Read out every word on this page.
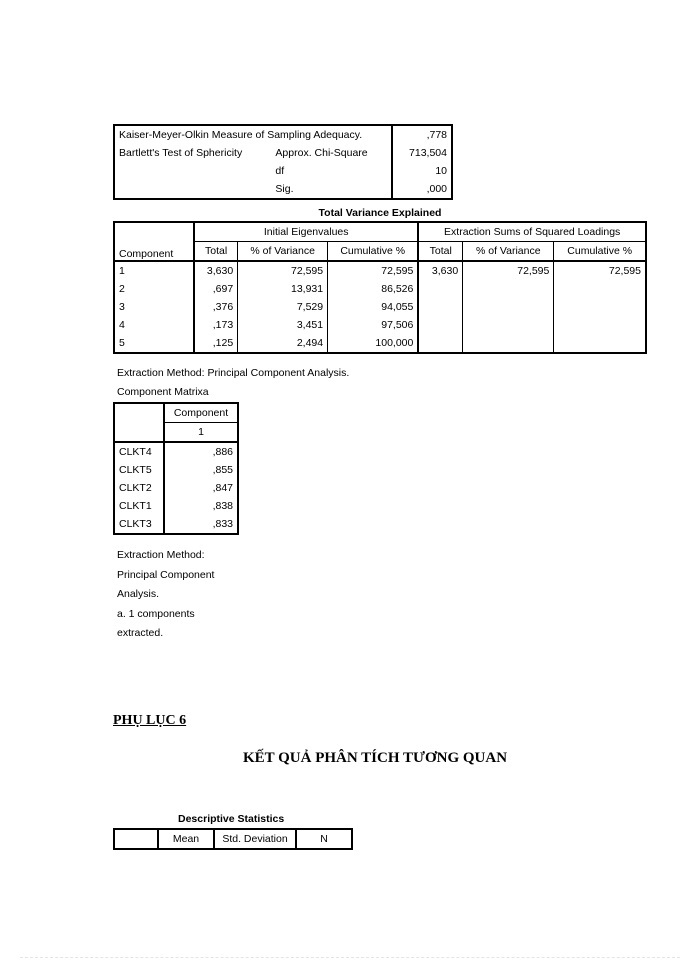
Kaiser-Meyer-Olkin Measure of Sampling Adequacy.		,778
Bartlett's Test of Sphericity	Approx. Chi-Square	713,504
	df	10
	Sig.	,000
Total Variance Explained
Component	Initial Eigenvalues			Extraction Sums of Squared Loadings		
	Total	% of Variance	Cumulative %	Total	% of Variance	Cumulative %
1	3,630	72,595	72,595	3,630	72,595	72,595
2	,697	13,931	86,526			
3	,376	7,529	94,055			
4	,173	3,451	97,506			
5	,125	2,494	100,000			
Extraction Method: Principal Component Analysis.
Component Matrixa
	Component
	1
CLKT4	,886
CLKT5	,855
CLKT2	,847
CLKT1	,838
CLKT3	,833
Extraction Method:
Principal Component
Analysis.
a. 1 components
extracted.
PHỤ LỤC 6
KẾT QUẢ PHÂN TÍCH TƯƠNG QUAN
Descriptive Statistics
	Mean	Std. Deviation	N
